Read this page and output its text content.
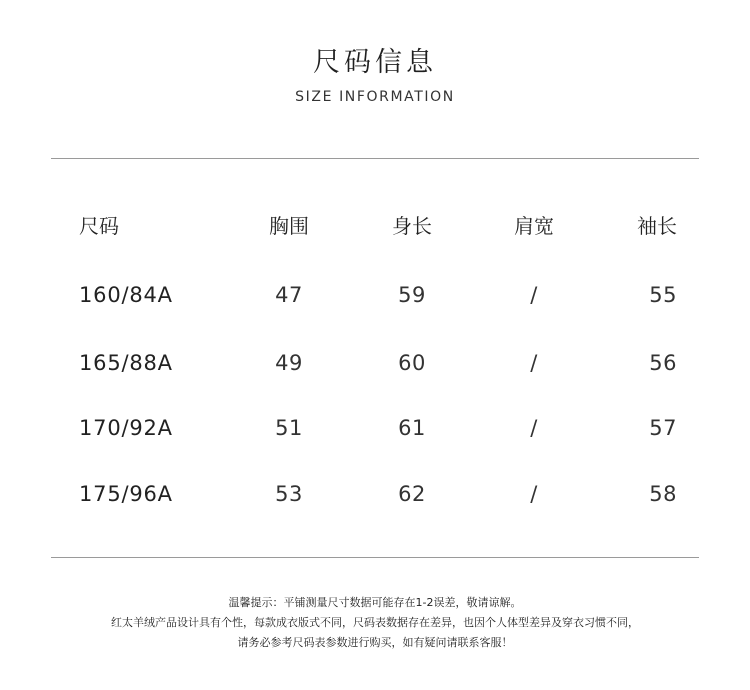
尺码信息
SIZE INFORMATION
尺码	胸围	身长	肩宽	袖长
160/84A	47	59	/	55
165/88A	49	60	/	56
170/92A	51	61	/	57
175/96A	53	62	/	58
温馨提示：平铺测量尺寸数据可能存在1-2误差，敬请谅解。
红太羊绒产品设计具有个性，每款成衣版式不同，尺码表数据存在差异，也因个人体型差异及穿衣习惯不同，
请务必参考尺码表参数进行购买，如有疑问请联系客服！
